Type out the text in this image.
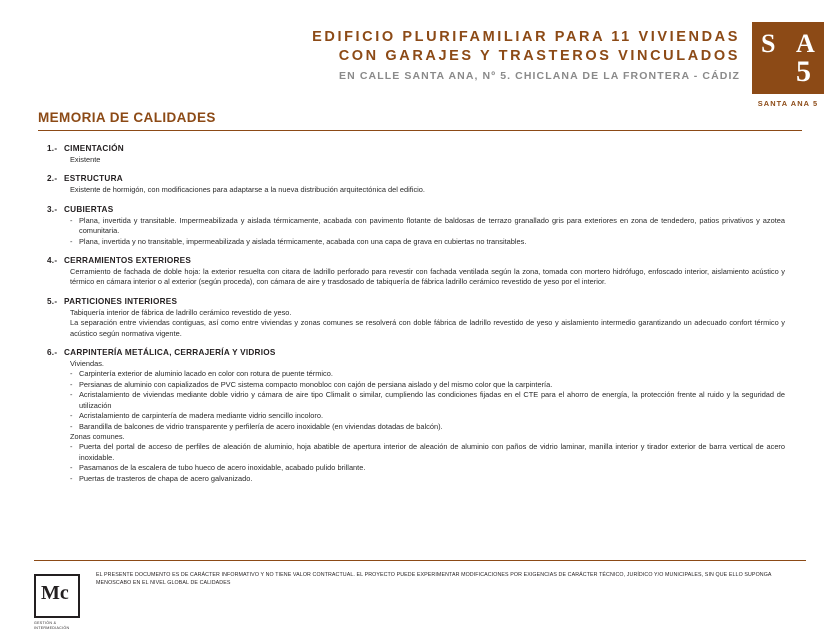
EDIFICIO PLURIFAMILIAR PARA 11 VIVIENDAS
CON GARAJES Y TRASTEROS VINCULADOS
EN CALLE SANTA ANA, Nº 5. CHICLANA DE LA FRONTERA - CÁDIZ
S A
5
SANTA ANA 5
MEMORIA DE CALIDADES
1.- CIMENTACIÓN
Existente
2.- ESTRUCTURA
Existente de hormigón, con modificaciones para adaptarse a la nueva distribución arquitectónica del edificio.
3.- CUBIERTAS
- Plana, invertida y transitable. Impermeabilizada y aislada térmicamente, acabada con pavimento flotante de baldosas de terrazo granallado gris para exteriores en zona de tendedero, patios privativos y azotea comunitaria.
- Plana, invertida y no transitable, impermeabilizada y aislada térmicamente, acabada con una capa de grava en cubiertas no transitables.
4.- CERRAMIENTOS EXTERIORES
Cerramiento de fachada de doble hoja: la exterior resuelta con citara de ladrillo perforado para revestir con fachada ventilada según la zona, tomada con mortero hidrófugo, enfoscado interior, aislamiento acústico y térmico en cámara interior o al exterior (según proceda), con cámara de aire y trasdosado de tabiquería de fábrica ladrillo cerámico revestido de yeso por el interior.
5.- PARTICIONES INTERIORES
Tabiquería interior de fábrica de ladrillo cerámico revestido de yeso.
La separación entre viviendas contiguas, así como entre viviendas y zonas comunes se resolverá con doble fábrica de ladrillo revestido de yeso y aislamiento intermedio garantizando un adecuado confort térmico y acústico según normativa vigente.
6.- CARPINTERÍA METÁLICA, CERRAJERÍA Y VIDRIOS
Viviendas.
- Carpintería exterior de aluminio lacado en color con rotura de puente térmico.
- Persianas de aluminio con capializados de PVC sistema compacto monobloc con cajón de persiana aislado y del mismo color que la carpintería.
- Acristalamiento de viviendas mediante doble vidrio y cámara de aire tipo Climalit o similar, cumpliendo las condiciones fijadas en el CTE para el ahorro de energía, la protección frente al ruido y la seguridad de utilización
- Acristalamiento de carpintería de madera mediante vidrio sencillo incoloro.
- Barandilla de balcones de vidrio transparente y perfilería de acero inoxidable (en viviendas dotadas de balcón).
Zonas comunes.
- Puerta del portal de acceso de perfiles de aleación de aluminio, hoja abatible de apertura interior de aleación de aluminio con paños de vidrio laminar, manilla interior y tirador exterior de barra vertical de acero inoxidable.
- Pasamanos de la escalera de tubo hueco de acero inoxidable, acabado pulido brillante.
- Puertas de trasteros de chapa de acero galvanizado.
Mc
GESTIÓN & INTERMEDIACIÓN
EL PRESENTE DOCUMENTO ES DE CARÁCTER INFORMATIVO Y NO TIENE VALOR CONTRACTUAL. EL PROYECTO PUEDE EXPERIMENTAR MODIFICACIONES POR EXIGENCIAS DE CARÁCTER TÉCNICO, JURÍDICO Y/O MUNICIPALES, SIN QUE ELLO SUPONGA MENOSCABO EN EL NIVEL GLOBAL DE CALIDADES
